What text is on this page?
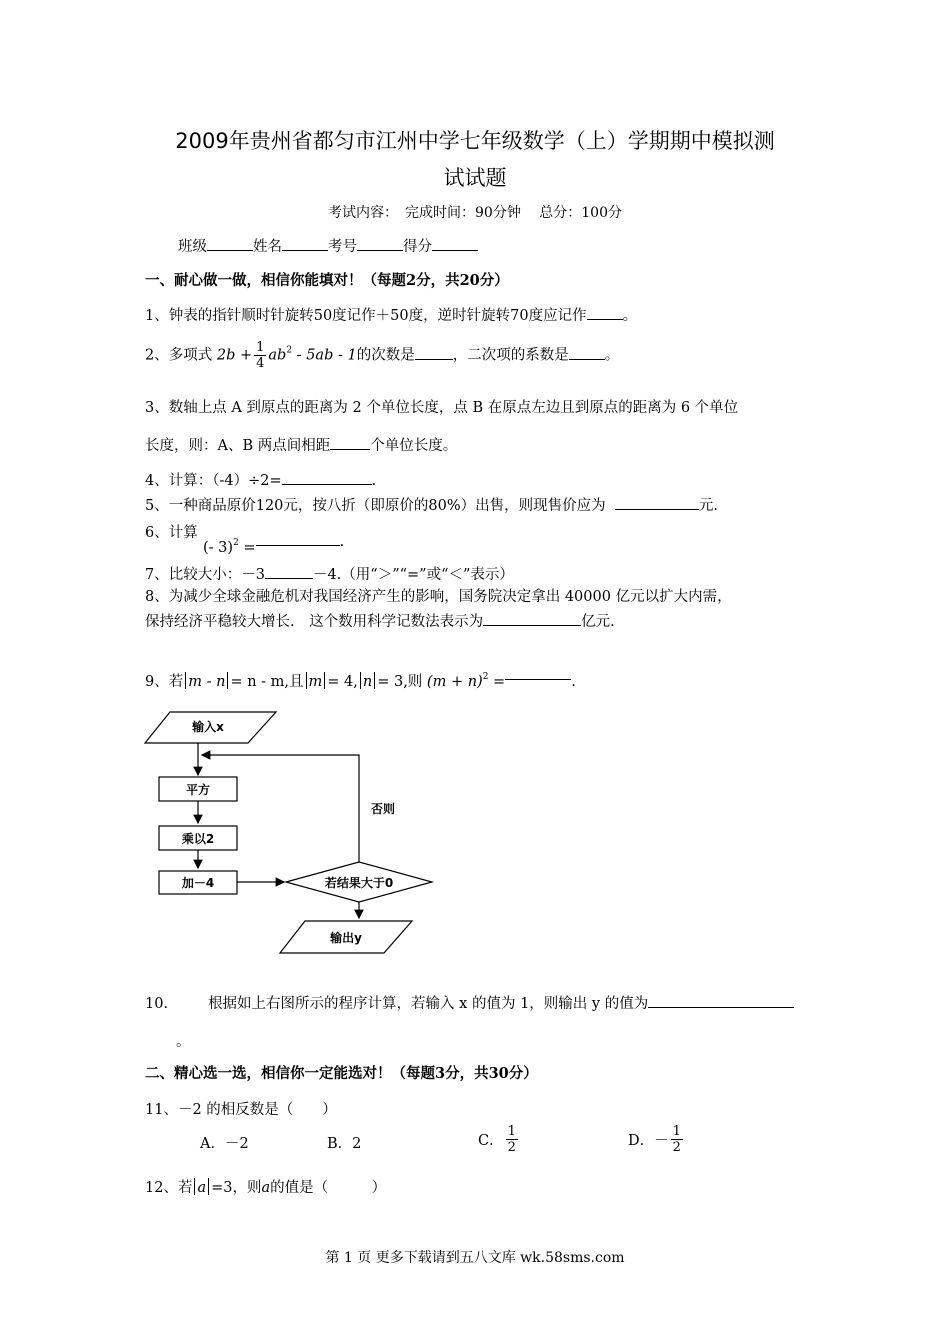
2009年贵州省都匀市江州中学七年级数学（上）学期期中模拟测
试试题
考试内容：　完成时间：90分钟　 总分：100分
班级	姓名	考号	得分
一、耐心做一做，相信你能填对！（每题2分，共20分）
1、钟表的指针顺时针旋转50度记作＋50度，逆时针旋转70度应记作 。
2、多项式 $2b + \frac{1}{4} ab^2 - 5ab - 1$的次数是	，二次项的系数是 。
3、数轴上点 A 到原点的距离为 2 个单位长度，点 B 在原点左边且到原点的距离为 6 个单位
长度，则：A、B 两点间相距	个单位长度。
4、计算：（-4）÷2=	.
5、一种商品原价120元，按八折（即原价的80%）出售，则现售价应为	元.
6、计算
(- 3)$^2$ =	.
7、比较大小：－3	－4.（用“＞”“=”或“＜”表示）
8、为减少全球金融危机对我国经济产生的影响，国务院决定拿出 40000 亿元以扩大内需，
保持经济平稳较大增长.　这个数用科学记数法表示为	亿元.
9、若 m - n = n - m,且 m = 4, n = 3,则 $(m + n)^2$ =	.
输入x
平方
乘以2
加－4	若结果大于0
否则
输出y
10.	根据如上右图所示的程序计算，若输入 x 的值为 1，则输出 y 的值为
。
二、精心选一选，相信你一定能选对！（每题3分，共30分）
11、－2 的相反数是（　　）
A．－2	B．2	C． $\frac{1}{2}$	D．－ $\frac{1}{2}$
12、若 a =3，则a的值是（　　　）
第 1 页 更多下载请到五八文库 wk.58sms.com
